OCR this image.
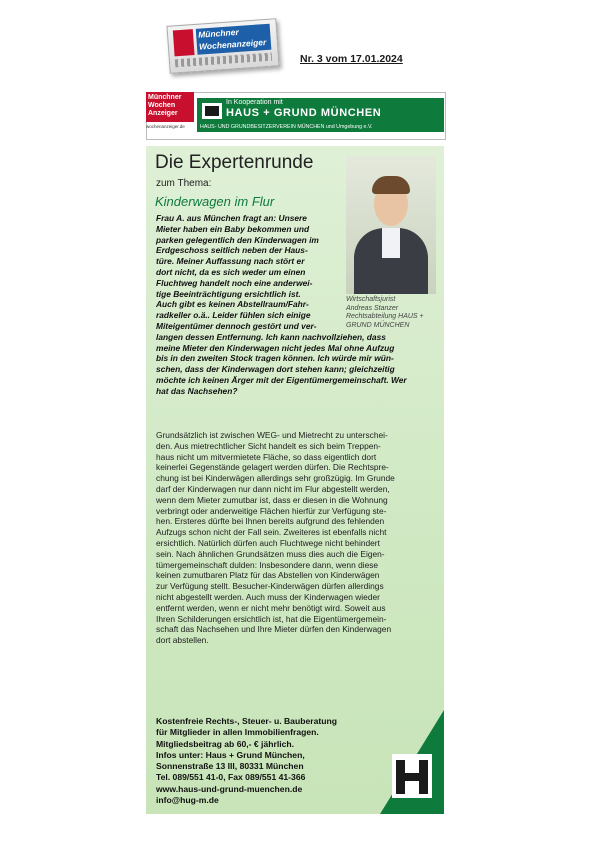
Münchner
Wochenanzeiger
Nr. 3 vom 17.01.2024
Münchner Wochen Anzeiger
wochenanzeiger.de
In Kooperation mit
HAUS + GRUND MÜNCHEN
HAUS- UND GRUNDBESITZERVEREIN MÜNCHEN und Umgebung e.V.
Die Expertenrunde
zum Thema:
Kinderwagen im Flur
Wirtschaftsjurist
Andreas Stanzer
Rechtsabteilung HAUS +
GRUND MÜNCHEN
Frau A. aus München fragt an: Unsere
Mieter haben ein Baby bekommen und
parken gelegentlich den Kinderwagen im
Erdgeschoss seitlich neben der Haus-
türe. Meiner Auffassung nach stört er
dort nicht, da es sich weder um einen
Fluchtweg handelt noch eine anderwei-
tige Beeinträchtigung ersichtlich ist.
Auch gibt es keinen Abstellraum/Fahr-
radkeller o.ä.. Leider fühlen sich einige
Miteigentümer dennoch gestört und ver-
langen dessen Entfernung. Ich kann nachvollziehen, dass
meine Mieter den Kinderwagen nicht jedes Mal ohne Aufzug
bis in den zweiten Stock tragen können. Ich würde mir wün-
schen, dass der Kinderwagen dort stehen kann; gleichzeitig
möchte ich keinen Ärger mit der Eigentümergemeinschaft. Wer
hat das Nachsehen?
Grundsätzlich ist zwischen WEG- und Mietrecht zu unterschei-
den. Aus mietrechtlicher Sicht handelt es sich beim Treppen-
haus nicht um mitvermietete Fläche, so dass eigentlich dort
keinerlei Gegenstände gelagert werden dürfen. Die Rechtspre-
chung ist bei Kinderwägen allerdings sehr großzügig. Im Grunde
darf der Kinderwagen nur dann nicht im Flur abgestellt werden,
wenn dem Mieter zumutbar ist, dass er diesen in die Wohnung
verbringt oder anderweitige Flächen hierfür zur Verfügung ste-
hen. Ersteres dürfte bei Ihnen bereits aufgrund des fehlenden
Aufzugs schon nicht der Fall sein. Zweiteres ist ebenfalls nicht
ersichtlich. Natürlich dürfen auch Fluchtwege nicht behindert
sein. Nach ähnlichen Grundsätzen muss dies auch die Eigen-
tümergemeinschaft dulden: Insbesondere dann, wenn diese
keinen zumutbaren Platz für das Abstellen von Kinderwägen
zur Verfügung stellt. Besucher-Kinderwägen dürfen allerdings
nicht abgestellt werden. Auch muss der Kinderwagen wieder
entfernt werden, wenn er nicht mehr benötigt wird. Soweit aus
Ihren Schilderungen ersichtlich ist, hat die Eigentümergemein-
schaft das Nachsehen und Ihre Mieter dürfen den Kinderwagen
dort abstellen.
Kostenfreie Rechts-, Steuer- u. Bauberatung
für Mitglieder in allen Immobilienfragen.
Mitgliedsbeitrag ab 60,- € jährlich.
Infos unter: Haus + Grund München,
Sonnenstraße 13 III, 80331 München
Tel. 089/551 41-0, Fax 089/551 41-366
www.haus-und-grund-muenchen.de
info@hug-m.de
